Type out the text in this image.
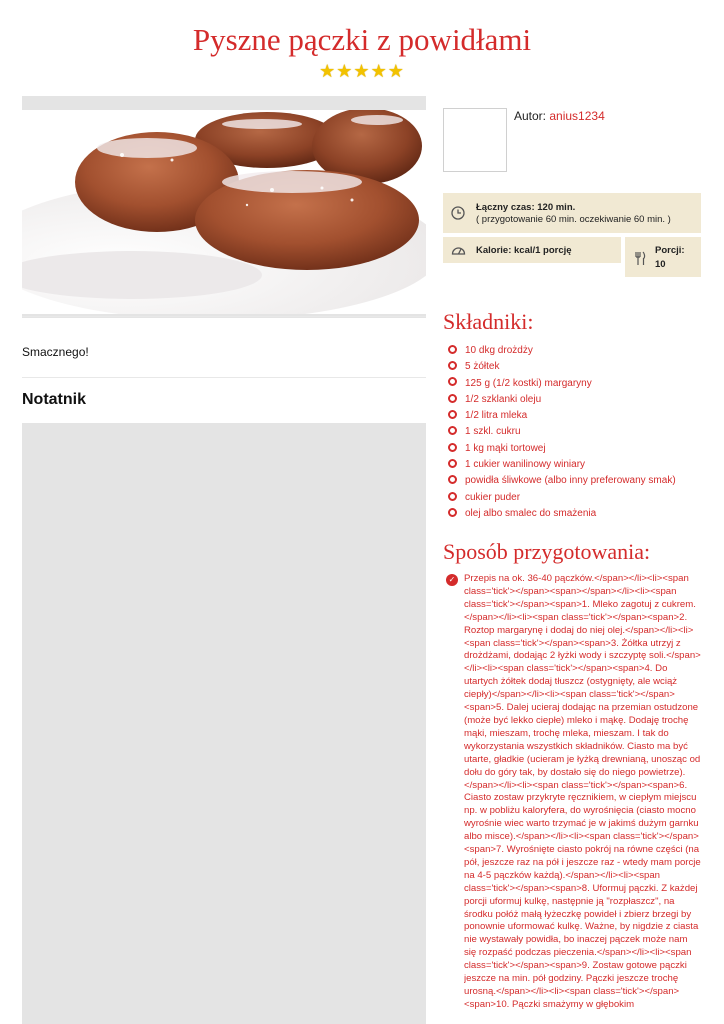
Pyszne pączki z powidłami
★★★★★
Smacznego!
Notatnik
Autor: anius1234
Łączny czas: 120 min.
( przygotowanie 60 min. oczekiwanie 60 min. )
Kalorie: kcal/1 porcję	Porcji:
10
Składniki:
10 dkg drożdży
5 żółtek
125 g (1/2 kostki) margaryny
1/2 szklanki oleju
1/2 litra mleka
1 szkl. cukru
1 kg mąki tortowej
1 cukier wanilinowy winiary
powidła śliwkowe (albo inny preferowany smak)
cukier puder
olej albo smalec do smażenia
Sposób przygotowania:
✓ Przepis na ok. 36-40 pączków.</span></li><li><span class='tick'></span><span></span></li><li><span class='tick'></span><span>1. Mleko zagotuj z cukrem.</span></li><li><span class='tick'></span><span>2. Roztop margarynę i dodaj do niej olej.</span></li><li><span class='tick'></span><span>3. Żółtka utrzyj z drożdżami, dodając 2 łyżki wody i szczyptę soli.</span></li><li><span class='tick'></span><span>4. Do utartych żółtek dodaj tłuszcz (ostygnięty, ale wciąż ciepły)</span></li><li><span class='tick'></span><span>5. Dalej ucieraj dodając na przemian ostudzone (może być lekko ciepłe) mleko i mąkę. Dodaję trochę mąki, mieszam, trochę mleka, mieszam. I tak do wykorzystania wszystkich składników. Ciasto ma być utarte, gładkie (ucieram je łyżką drewnianą, unosząc od dołu do góry tak, by dostało się do niego powietrze). </span></li><li><span class='tick'></span><span>6. Ciasto zostaw przykryte ręcznikiem, w ciepłym miejscu np. w pobliżu kaloryfera, do wyrośnięcia (ciasto mocno wyrośnie wiec warto trzymać je w jakimś dużym garnku albo misce).</span></li><li><span class='tick'></span><span>7. Wyrośnięte ciasto pokrój na równe części (na pół, jeszcze raz na pół i jeszcze raz - wtedy mam porcje na 4-5 pączków każdą).</span></li><li><span class='tick'></span><span>8. Uformuj pączki. Z każdej porcji uformuj kulkę, następnie ją "rozpłaszcz", na środku połóż małą łyżeczkę powideł i zbierz brzegi by ponownie uformować kulkę. Ważne, by nigdzie z ciasta nie wystawały powidła, bo inaczej pączek może nam się rozpaść podczas pieczenia.</span></li><li><span class='tick'></span><span>9. Zostaw gotowe pączki jeszcze na min. pół godziny. Pączki jeszcze trochę urosną.</span></li><li><span class='tick'></span><span>10. Pączki smażymy w głębokim
